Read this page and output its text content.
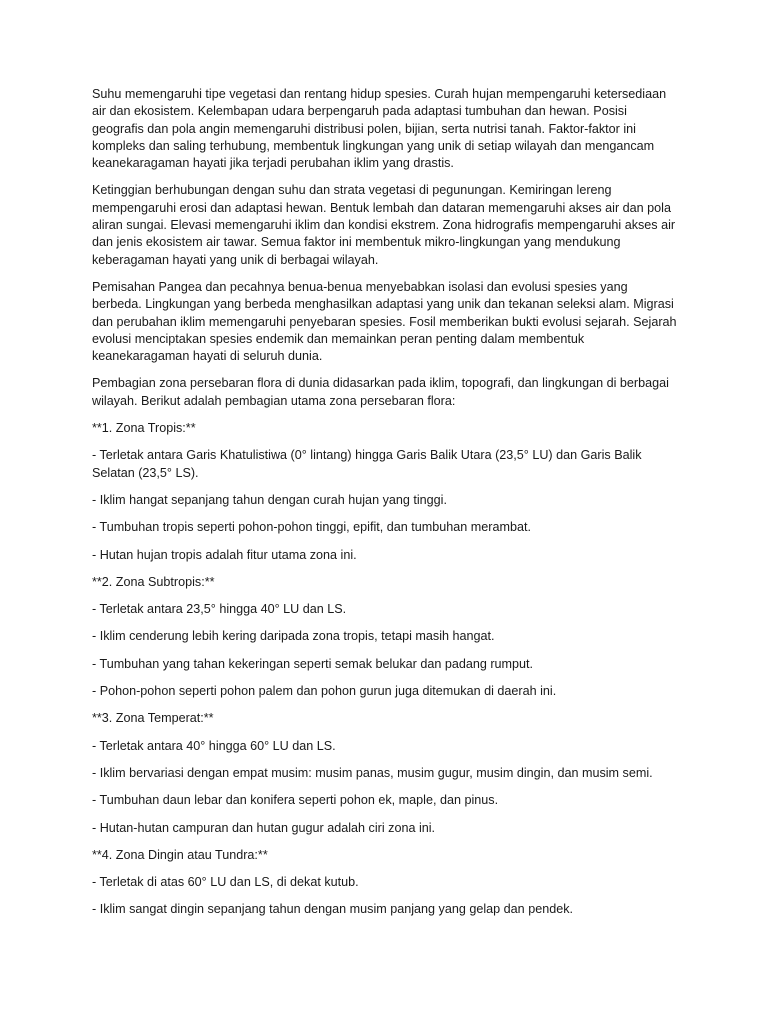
Suhu memengaruhi tipe vegetasi dan rentang hidup spesies. Curah hujan mempengaruhi ketersediaan air dan ekosistem. Kelembapan udara berpengaruh pada adaptasi tumbuhan dan hewan. Posisi geografis dan pola angin memengaruhi distribusi polen, bijian, serta nutrisi tanah. Faktor-faktor ini kompleks dan saling terhubung, membentuk lingkungan yang unik di setiap wilayah dan mengancam keanekaragaman hayati jika terjadi perubahan iklim yang drastis.

Ketinggian berhubungan dengan suhu dan strata vegetasi di pegunungan. Kemiringan lereng mempengaruhi erosi dan adaptasi hewan. Bentuk lembah dan dataran memengaruhi akses air dan pola aliran sungai. Elevasi memengaruhi iklim dan kondisi ekstrem. Zona hidrografis mempengaruhi akses air dan jenis ekosistem air tawar. Semua faktor ini membentuk mikro-lingkungan yang mendukung keberagaman hayati yang unik di berbagai wilayah.

Pemisahan Pangea dan pecahnya benua-benua menyebabkan isolasi dan evolusi spesies yang berbeda. Lingkungan yang berbeda menghasilkan adaptasi yang unik dan tekanan seleksi alam. Migrasi dan perubahan iklim memengaruhi penyebaran spesies. Fosil memberikan bukti evolusi sejarah. Sejarah evolusi menciptakan spesies endemik dan memainkan peran penting dalam membentuk keanekaragaman hayati di seluruh dunia.

Pembagian zona persebaran flora di dunia didasarkan pada iklim, topografi, dan lingkungan di berbagai wilayah. Berikut adalah pembagian utama zona persebaran flora:

**1. Zona Tropis:**

- Terletak antara Garis Khatulistiwa (0° lintang) hingga Garis Balik Utara (23,5° LU) dan Garis Balik Selatan (23,5° LS).

- Iklim hangat sepanjang tahun dengan curah hujan yang tinggi.

- Tumbuhan tropis seperti pohon-pohon tinggi, epifit, dan tumbuhan merambat.

- Hutan hujan tropis adalah fitur utama zona ini.

**2. Zona Subtropis:**

- Terletak antara 23,5° hingga 40° LU dan LS.

- Iklim cenderung lebih kering daripada zona tropis, tetapi masih hangat.

- Tumbuhan yang tahan kekeringan seperti semak belukar dan padang rumput.

- Pohon-pohon seperti pohon palem dan pohon gurun juga ditemukan di daerah ini.

**3. Zona Temperat:**

- Terletak antara 40° hingga 60° LU dan LS.

- Iklim bervariasi dengan empat musim: musim panas, musim gugur, musim dingin, dan musim semi.

- Tumbuhan daun lebar dan konifera seperti pohon ek, maple, dan pinus.

- Hutan-hutan campuran dan hutan gugur adalah ciri zona ini.

**4. Zona Dingin atau Tundra:**

- Terletak di atas 60° LU dan LS, di dekat kutub.

- Iklim sangat dingin sepanjang tahun dengan musim panjang yang gelap dan pendek.
